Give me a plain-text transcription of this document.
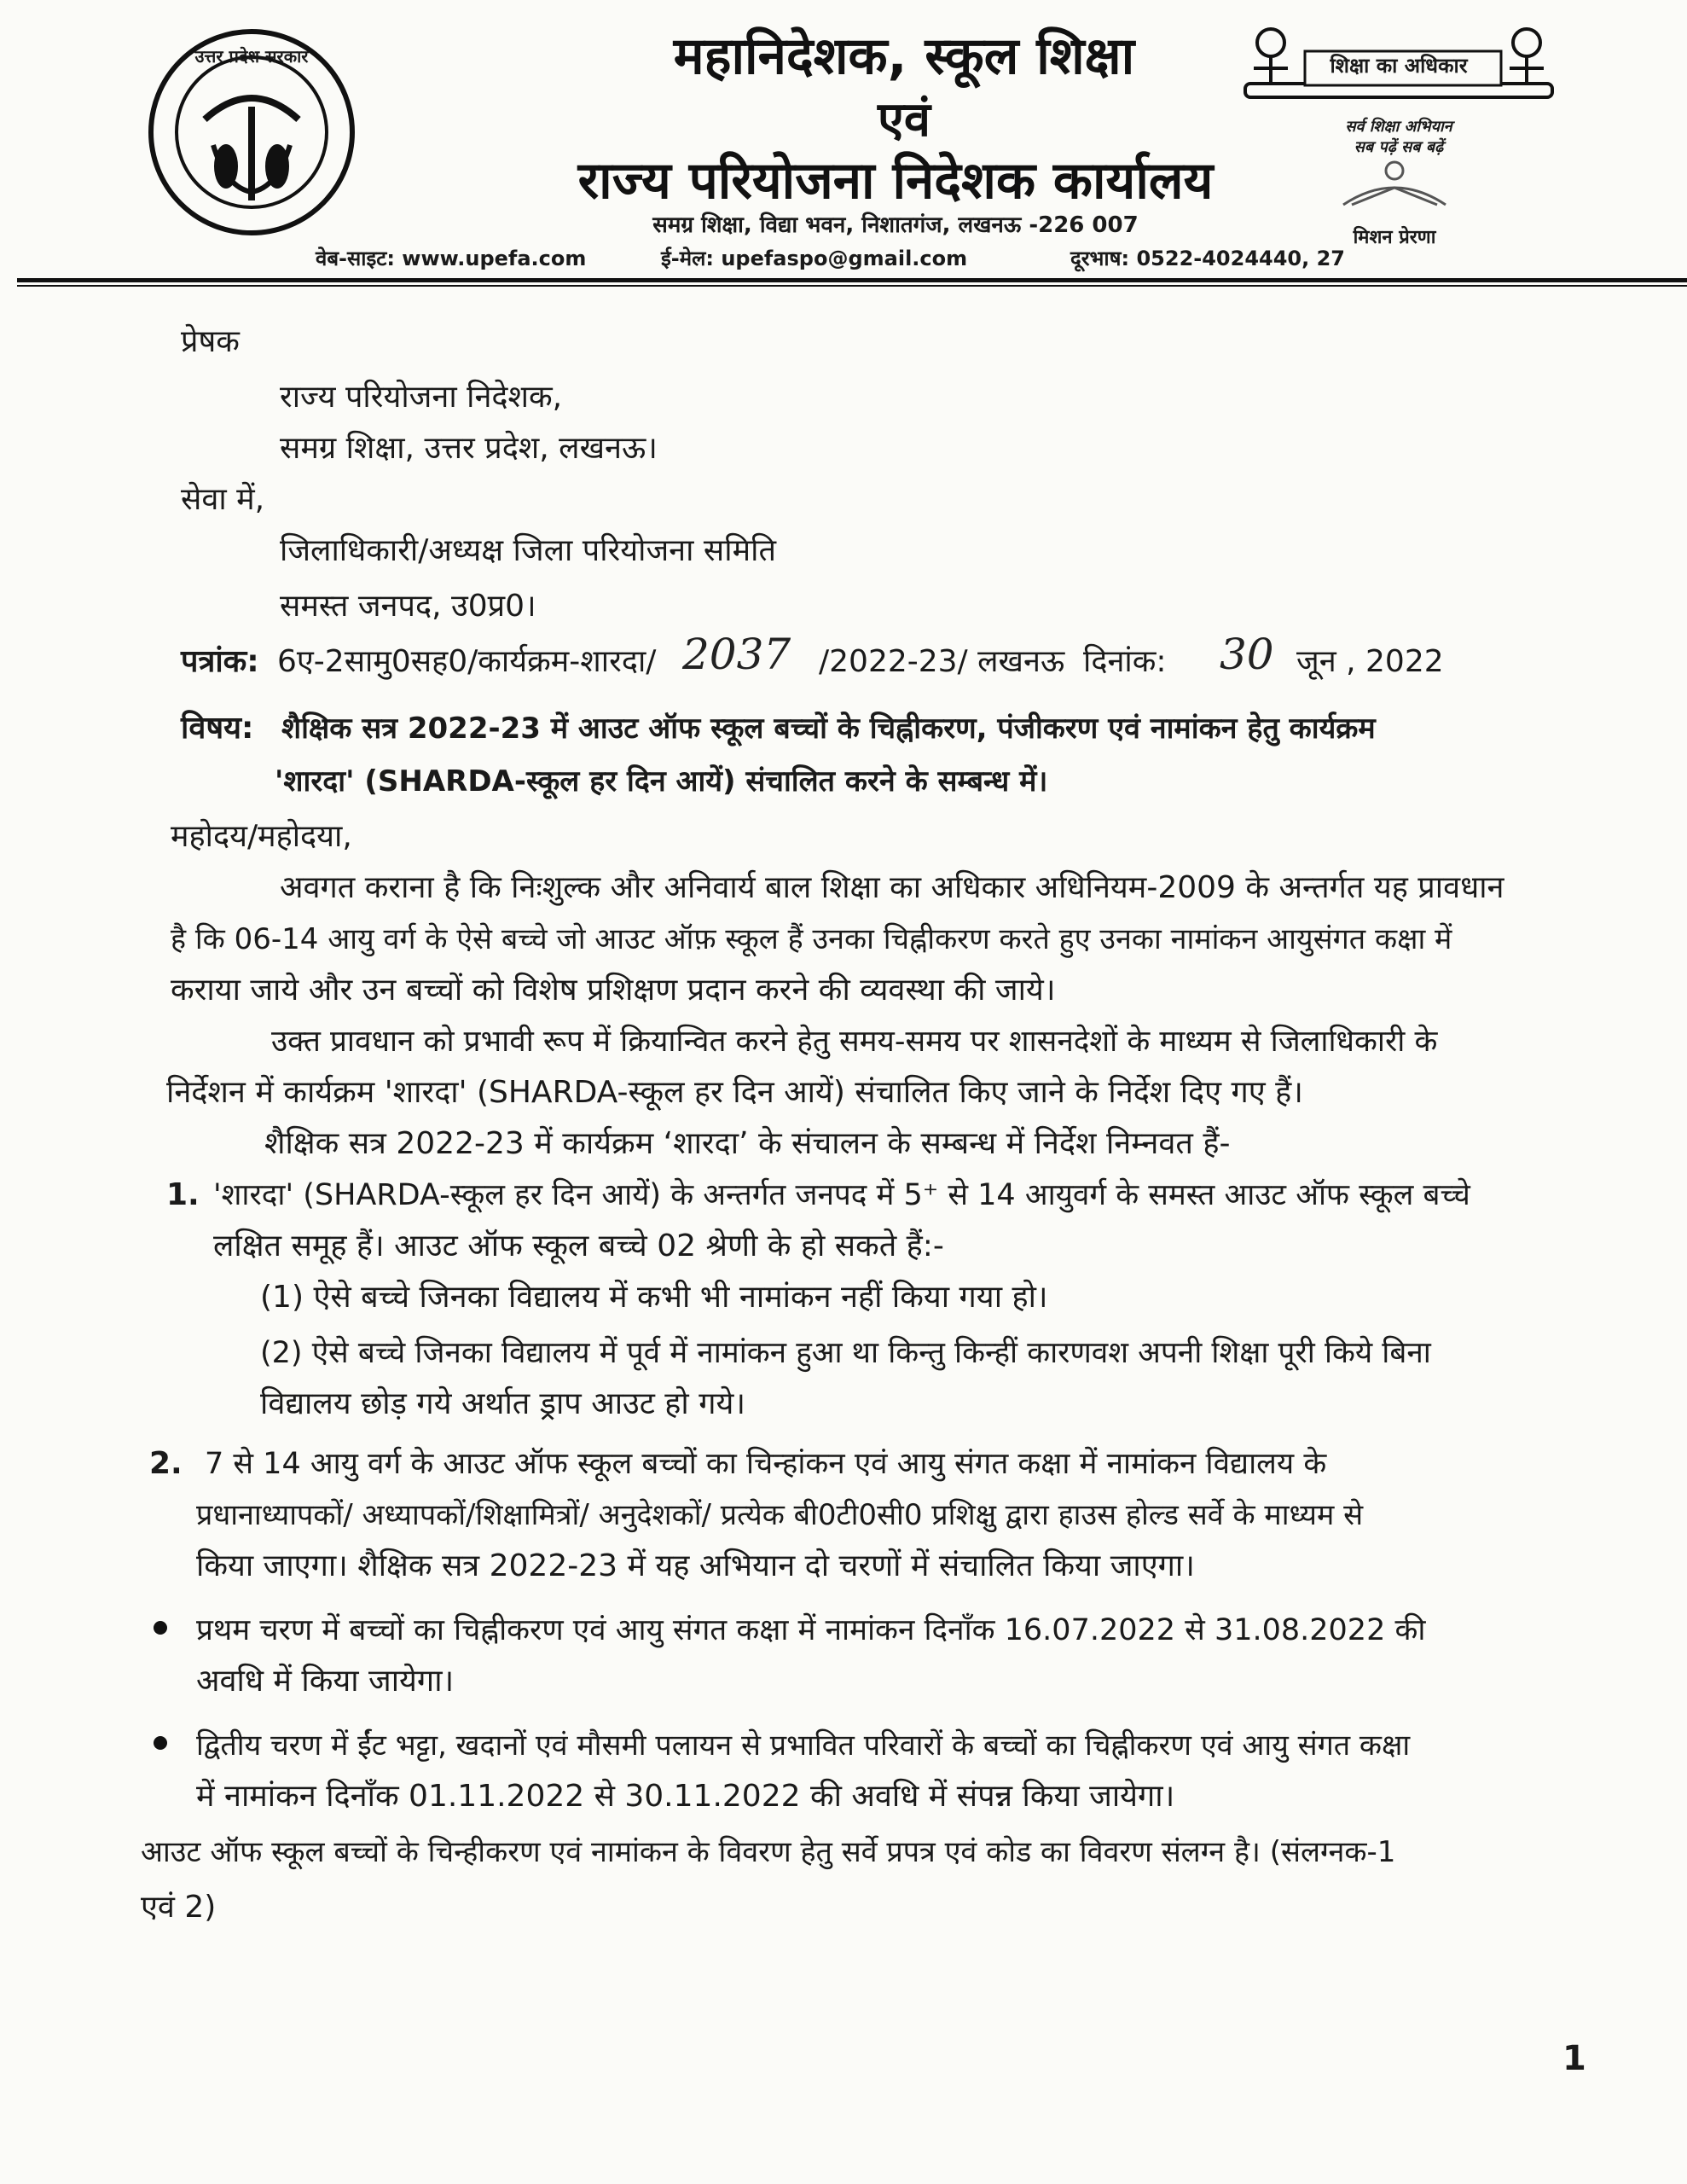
उत्तर प्रदेश सरकार	महानिदेशक, स्कूल शिक्षा
एवं
राज्य परियोजना निदेशक कार्यालय
समग्र शिक्षा, विद्या भवन, निशातगंज, लखनऊ -226 007
वेब-साइट: www.upefa.com	ई-मेल: upefaspo@gmail.com	दूरभाष: 0522-4024440, 27
शिक्षा का अधिकार
सर्व शिक्षा अभियान
सब पढ़ें सब बढ़ें
मिशन प्रेरणा
प्रेषक
राज्य परियोजना निदेशक,
समग्र शिक्षा, उत्तर प्रदेश, लखनऊ।
सेवा में,
जिलाधिकारी/अध्यक्ष जिला परियोजना समिति
समस्त जनपद, उ0प्र0।
पत्रांक: 6ए-2सामु0सह0/कार्यक्रम-शारदा/ 2037 /2022-23/ लखनऊ दिनांक: 30 जून , 2022
विषय: शैक्षिक सत्र 2022-23 में आउट ऑफ स्कूल बच्चों के चिह्नीकरण, पंजीकरण एवं नामांकन हेतु कार्यक्रम
'शारदा' (SHARDA-स्कूल हर दिन आयें) संचालित करने के सम्बन्ध में।
महोदय/महोदया,
अवगत कराना है कि निःशुल्क और अनिवार्य बाल शिक्षा का अधिकार अधिनियम-2009 के अन्तर्गत यह प्रावधान
है कि 06-14 आयु वर्ग के ऐसे बच्चे जो आउट ऑफ़ स्कूल हैं उनका चिह्नीकरण करते हुए उनका नामांकन आयुसंगत कक्षा में
कराया जाये और उन बच्चों को विशेष प्रशिक्षण प्रदान करने की व्यवस्था की जाये।
उक्त प्रावधान को प्रभावी रूप में क्रियान्वित करने हेतु समय-समय पर शासनदेशों के माध्यम से जिलाधिकारी के
निर्देशन में कार्यक्रम 'शारदा' (SHARDA-स्कूल हर दिन आयें) संचालित किए जाने के निर्देश दिए गए हैं।
शैक्षिक सत्र 2022-23 में कार्यक्रम ‘शारदा’ के संचालन के सम्बन्ध में निर्देश निम्नवत हैं-
1. 'शारदा' (SHARDA-स्कूल हर दिन आयें) के अन्तर्गत जनपद में 5⁺ से 14 आयुवर्ग के समस्त आउट ऑफ स्कूल बच्चे
लक्षित समूह हैं। आउट ऑफ स्कूल बच्चे 02 श्रेणी के हो सकते हैं:-
(1) ऐसे बच्चे जिनका विद्यालय में कभी भी नामांकन नहीं किया गया हो।
(2) ऐसे बच्चे जिनका विद्यालय में पूर्व में नामांकन हुआ था किन्तु किन्हीं कारणवश अपनी शिक्षा पूरी किये बिना
विद्यालय छोड़ गये अर्थात ड्राप आउट हो गये।
2. 7 से 14 आयु वर्ग के आउट ऑफ स्कूल बच्चों का चिन्हांकन एवं आयु संगत कक्षा में नामांकन विद्यालय के
प्रधानाध्यापकों/ अध्यापकों/शिक्षामित्रों/ अनुदेशकों/ प्रत्येक बी0टी0सी0 प्रशिक्षु द्वारा हाउस होल्ड सर्वे के माध्यम से
किया जाएगा। शैक्षिक सत्र 2022-23 में यह अभियान दो चरणों में संचालित किया जाएगा।
प्रथम चरण में बच्चों का चिह्नीकरण एवं आयु संगत कक्षा में नामांकन दिनाँक 16.07.2022 से 31.08.2022 की
अवधि में किया जायेगा।
द्वितीय चरण में ईंट भट्टा, खदानों एवं मौसमी पलायन से प्रभावित परिवारों के बच्चों का चिह्नीकरण एवं आयु संगत कक्षा
में नामांकन दिनाँक 01.11.2022 से 30.11.2022 की अवधि में संपन्न किया जायेगा।
आउट ऑफ स्कूल बच्चों के चिन्हीकरण एवं नामांकन के विवरण हेतु सर्वे प्रपत्र एवं कोड का विवरण संलग्न है। (संलग्नक-1
एवं 2)
1
